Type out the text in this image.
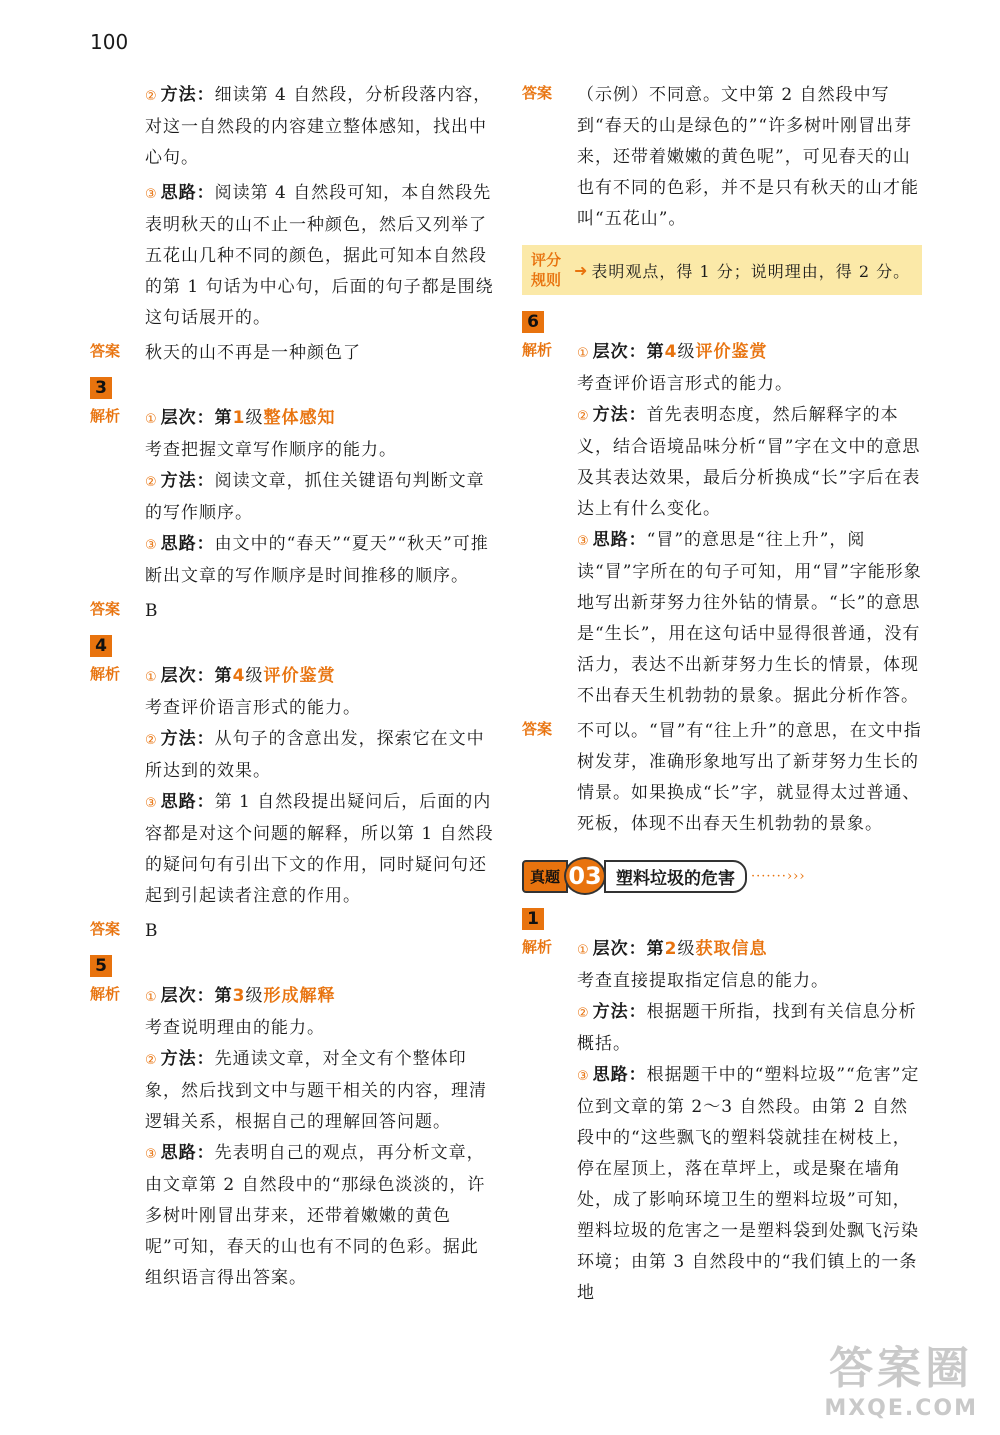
100

② 方法：细读第 4 自然段，分析段落内容，对这一自然段的内容建立整体感知，找出中心句。

③ 思路：阅读第 4 自然段可知，本自然段先表明秋天的山不止一种颜色，然后又列举了五花山几种不同的颜色，据此可知本自然段的第 1 句话为中心句，后面的句子都是围绕这句话展开的。

答案 秋天的山不再是一种颜色了

3
解析 ① 层次：第1级整体感知

考查把握文章写作顺序的能力。

② 方法：阅读文章，抓住关键语句判断文章的写作顺序。

③ 思路：由文中的“春天”“夏天”“秋天”可推断出文章的写作顺序是时间推移的顺序。

答案 B

4
解析 ① 层次：第4级评价鉴赏

考查评价语言形式的能力。

② 方法：从句子的含意出发，探索它在文中所达到的效果。

③ 思路：第 1 自然段提出疑问后，后面的内容都是对这个问题的解释，所以第 1 自然段的疑问句有引出下文的作用，同时疑问句还起到引起读者注意的作用。

答案 B

5
解析 ① 层次：第3级形成解释

考查说明理由的能力。

② 方法：先通读文章，对全文有个整体印象，然后找到文中与题干相关的内容，理清逻辑关系，根据自己的理解回答问题。

③ 思路：先表明自己的观点，再分析文章，由文章第 2 自然段中的“那绿色淡淡的，许多树叶刚冒出芽来，还带着嫩嫩的黄色呢”可知，春天的山也有不同的色彩。据此组织语言得出答案。

答案 （示例）不同意。文中第 2 自然段中写到“春天的山是绿色的”“许多树叶刚冒出芽来，还带着嫩嫩的黄色呢”，可见春天的山也有不同的色彩，并不是只有秋天的山才能叫“五花山”。

评分
规则
➜ 表明观点，得 1 分；说明理由，得 2 分。
6
解析 ① 层次：第4级评价鉴赏

考查评价语言形式的能力。

② 方法：首先表明态度，然后解释字的本义，结合语境品味分析“冒”字在文中的意思及其表达效果，最后分析换成“长”字后在表达上有什么变化。

③ 思路：“冒”的意思是“往上升”，阅读“冒”字所在的句子可知，用“冒”字能形象地写出新芽努力往外钻的情景。“长”的意思是“生长”，用在这句话中显得很普通，没有活力，表达不出新芽努力生长的情景，体现不出春天生机勃勃的景象。据此分析作答。

答案 不可以。“冒”有“往上升”的意思，在文中指树发芽，准确形象地写出了新芽努力生长的情景。如果换成“长”字，就显得太过普通、死板，体现不出春天生机勃勃的景象。

真题 03 塑料垃圾的危害	·······›››
1
解析 ① 层次：第2级获取信息

考查直接提取指定信息的能力。

② 方法：根据题干所指，找到有关信息分析概括。

③ 思路：根据题干中的“塑料垃圾”“危害”定位到文章的第 2～3 自然段。由第 2 自然段中的“这些飘飞的塑料袋就挂在树枝上，停在屋顶上，落在草坪上，或是聚在墙角处，成了影响环境卫生的塑料垃圾”可知，塑料垃圾的危害之一是塑料袋到处飘飞污染环境；由第 3 自然段中的“我们镇上的一条地

答案圈
MXQE.COM
